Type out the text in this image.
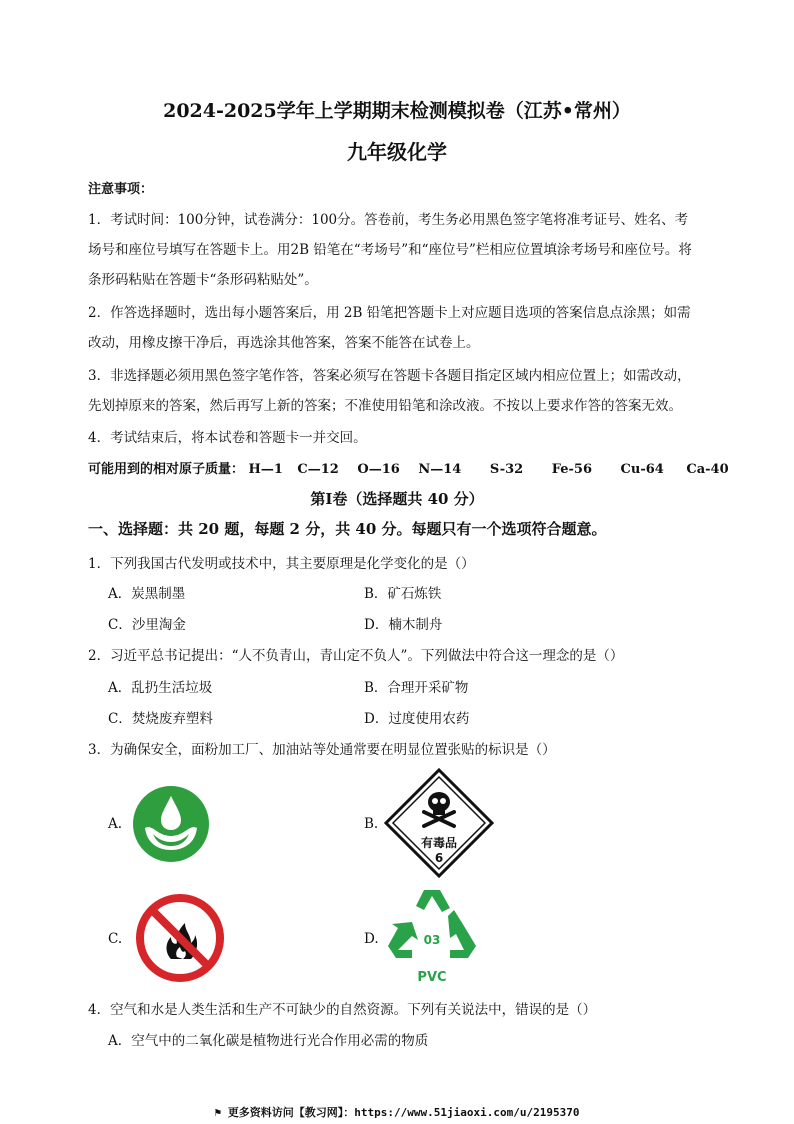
2024-2025学年上学期期末检测模拟卷（江苏•常州）
九年级化学
注意事项：
1．考试时间：100分钟，试卷满分：100分。答卷前，考生务必用黑色签字笔将准考证号、姓名、考
场号和座位号填写在答题卡上。用2B 铅笔在“考场号”和“座位号”栏相应位置填涂考场号和座位号。将
条形码粘贴在答题卡“条形码粘贴处”。
2．作答选择题时，选出每小题答案后，用 2B 铅笔把答题卡上对应题目选项的答案信息点涂黑；如需
改动，用橡皮擦干净后，再选涂其他答案，答案不能答在试卷上。
3．非选择题必须用黑色签字笔作答，答案必须写在答题卡各题目指定区域内相应位置上；如需改动，
先划掉原来的答案，然后再写上新的答案；不准使用铅笔和涂改液。不按以上要求作答的答案无效。
4．考试结束后，将本试卷和答题卡一并交回。
可能用到的相对原子质量： H—1 C—12 O—16 N—14 S-32 Fe-56 Cu-64 Ca-40
第Ⅰ卷（选择题共 40 分）
一、选择题：共 20 题，每题 2 分，共 40 分。每题只有一个选项符合题意。
1．下列我国古代发明或技术中，其主要原理是化学变化的是（）
A．炭黑制墨	B．矿石炼铁
C．沙里淘金	D．楠木制舟
2．习近平总书记提出：“人不负青山，青山定不负人”。下列做法中符合这一理念的是（）
A．乱扔生活垃圾	B．合理开采矿物
C．焚烧废弃塑料	D．过度使用农药
3．为确保安全，面粉加工厂、加油站等处通常要在明显位置张贴的标识是（）
A.	B.
有毒品
6
C.	D.	03
PVC
4．空气和水是人类生活和生产不可缺少的自然资源。下列有关说法中，错误的是（）
A．空气中的二氧化碳是植物进行光合作用必需的物质
⚑ 更多资料访问【教习网】：https://www.51jiaoxi.com/u/2195370
